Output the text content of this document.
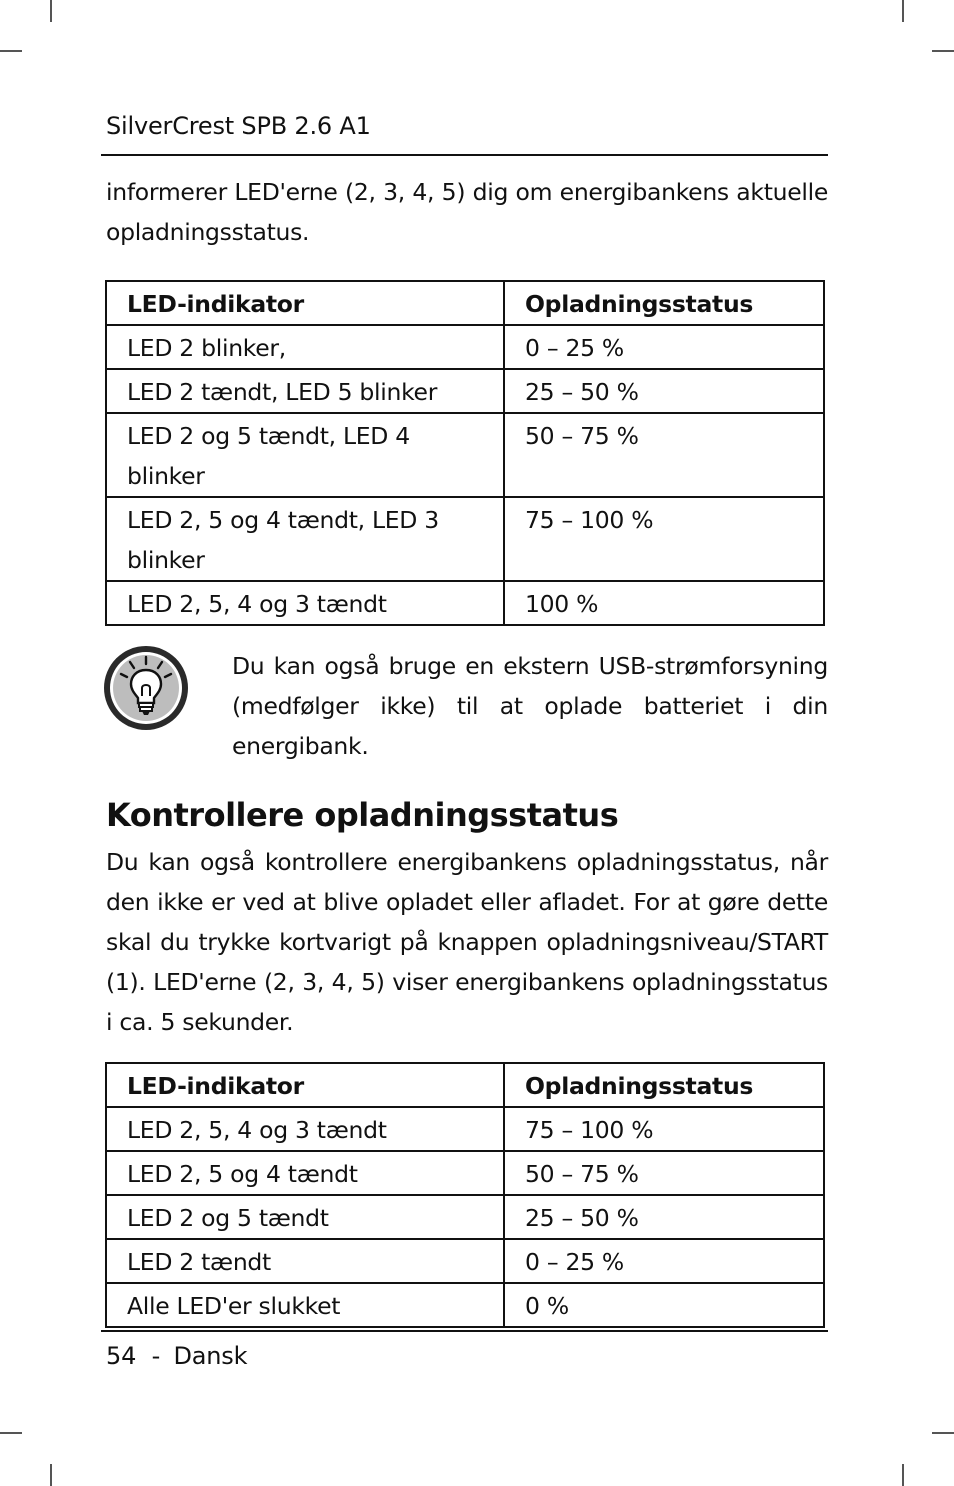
SilverCrest SPB 2.6 A1

informerer LED'erne (2, 3, 4, 5) dig om energibankens aktuelle opladningsstatus.

LED-indikator	Opladningsstatus
LED 2 blinker,	0 – 25 %
LED 2 tændt, LED 5 blinker	25 – 50 %
LED 2 og 5 tændt, LED 4 blinker	50 – 75 %
LED 2, 5 og 4 tændt, LED 3 blinker	75 – 100 %
LED 2, 5, 4 og 3 tændt	100 %

Du kan også bruge en ekstern USB-strømforsyning (medfølger ikke) til at oplade batteriet i din energibank.

Kontrollere opladningsstatus

Du kan også kontrollere energibankens opladningsstatus, når den ikke er ved at blive opladet eller afladet. For at gøre dette skal du trykke kortvarigt på knappen opladningsniveau/START (1). LED'erne (2, 3, 4, 5) viser energibankens opladningsstatus i ca. 5 sekunder.

LED-indikator	Opladningsstatus
LED 2, 5, 4 og 3 tændt	75 – 100 %
LED 2, 5 og 4 tændt	50 – 75 %
LED 2 og 5 tændt	25 – 50 %
LED 2 tændt	0 – 25 %
Alle LED'er slukket	0 %
54 - Dansk
